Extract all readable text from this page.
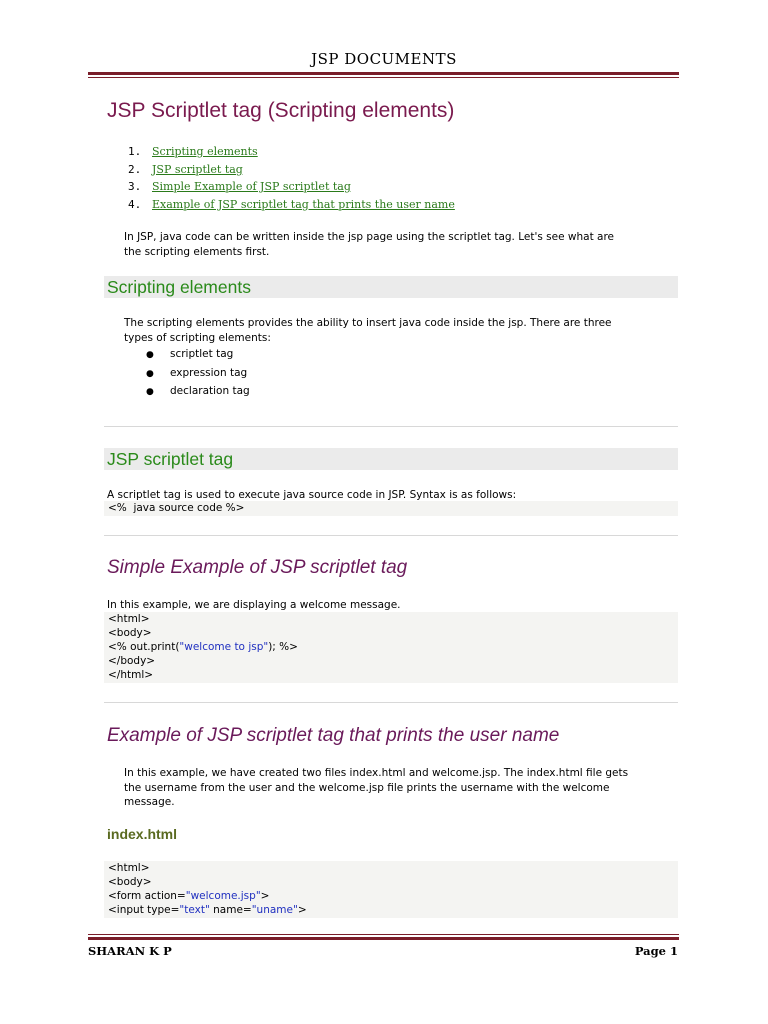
JSP DOCUMENTS
JSP Scriptlet tag (Scripting elements)
1. Scripting elements
2. JSP scriptlet tag
3. Simple Example of JSP scriptlet tag
4. Example of JSP scriptlet tag that prints the user name
In JSP, java code can be written inside the jsp page using the scriptlet tag. Let's see what are
the scripting elements first.
Scripting elements
The scripting elements provides the ability to insert java code inside the jsp. There are three
types of scripting elements:
● scriptlet tag
● expression tag
● declaration tag
JSP scriptlet tag
A scriptlet tag is used to execute java source code in JSP. Syntax is as follows:
<%  java source code %>
Simple Example of JSP scriptlet tag
In this example, we are displaying a welcome message.
<html>
<body>
<% out.print("welcome to jsp"); %>
</body>
</html>
Example of JSP scriptlet tag that prints the user name
In this example, we have created two files index.html and welcome.jsp. The index.html file gets
the username from the user and the welcome.jsp file prints the username with the welcome
message.
index.html
<html>
<body>
<form action="welcome.jsp">
<input type="text" name="uname">
SHARAN K P	Page 1
